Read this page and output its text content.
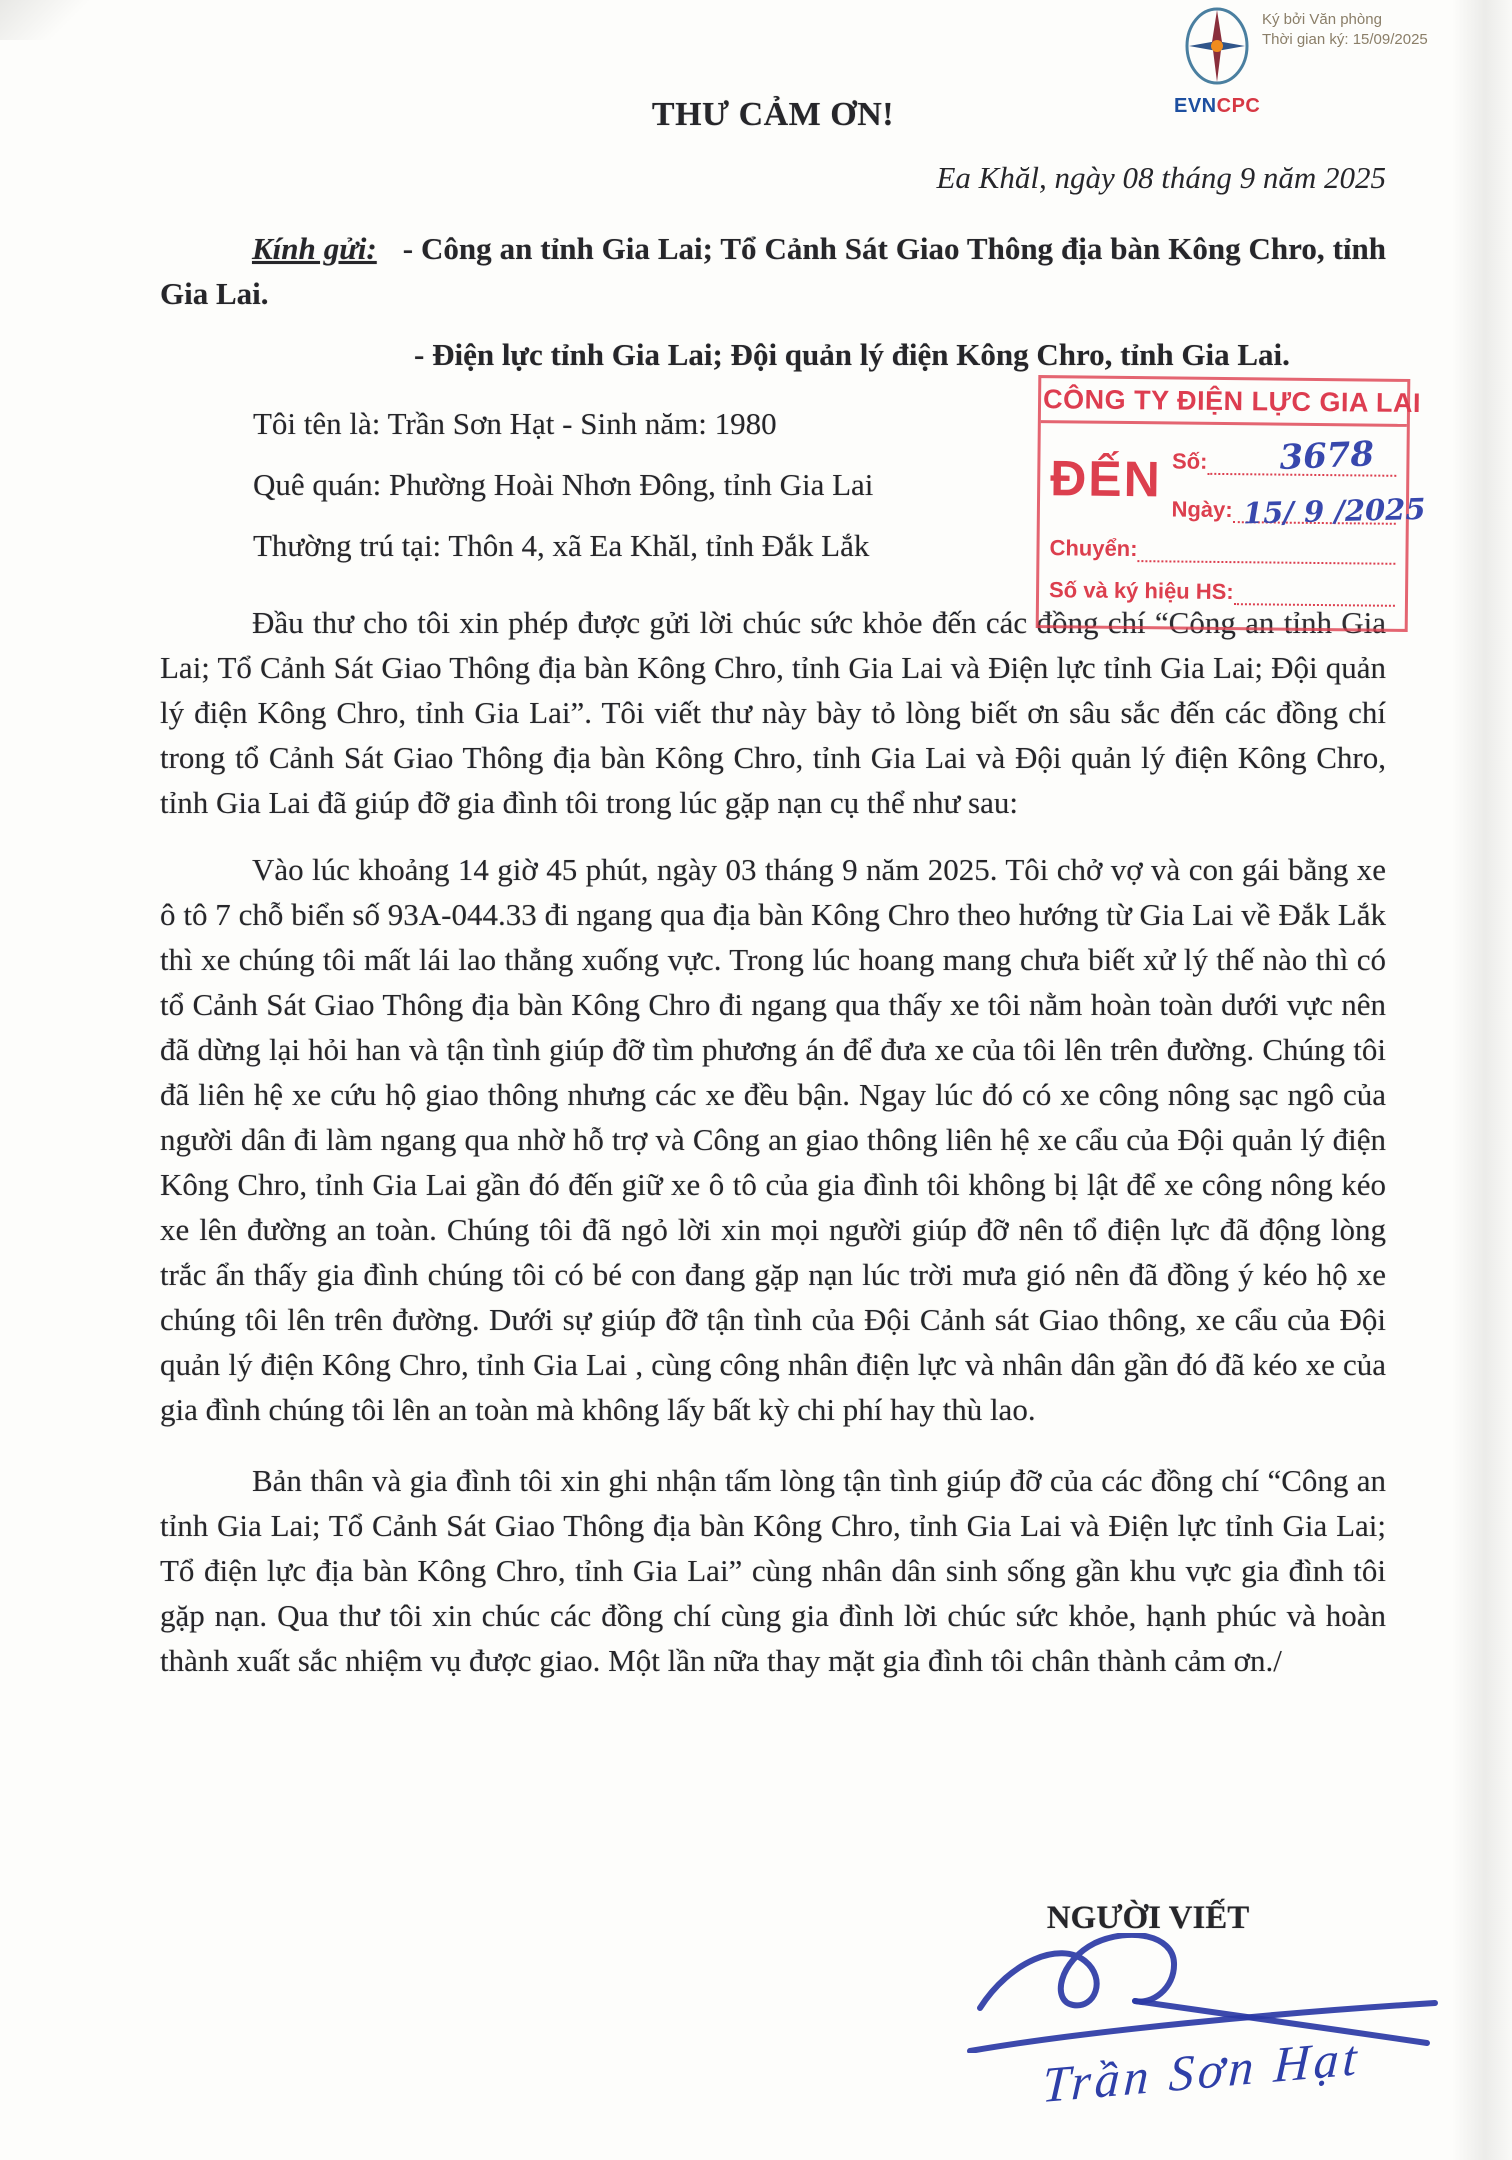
Ký bởi Văn phòng
Thời gian ký: 15/09/2025
EVNCPC
THƯ CẢM ƠN!
Ea Khăl, ngày 08 tháng 9 năm 2025

Kính gửi: - Công an tỉnh Gia Lai; Tổ Cảnh Sát Giao Thông địa bàn Kông Chro, tỉnh Gia Lai.

- Điện lực tỉnh Gia Lai; Đội quản lý điện Kông Chro, tỉnh Gia Lai.

Tôi tên là: Trần Sơn Hạt - Sinh năm: 1980

Quê quán: Phường Hoài Nhơn Đông, tỉnh Gia Lai

Thường trú tại: Thôn 4, xã Ea Khăl, tỉnh Đắk Lắk

Đầu thư cho tôi xin phép được gửi lời chúc sức khỏe đến các đồng chí “Công an tỉnh Gia Lai; Tổ Cảnh Sát Giao Thông địa bàn Kông Chro, tỉnh Gia Lai và Điện lực tỉnh Gia Lai; Đội quản lý điện Kông Chro, tỉnh Gia Lai”. Tôi viết thư này bày tỏ lòng biết ơn sâu sắc đến các đồng chí trong tổ Cảnh Sát Giao Thông địa bàn Kông Chro, tỉnh Gia Lai và Đội quản lý điện Kông Chro, tỉnh Gia Lai đã giúp đỡ gia đình tôi trong lúc gặp nạn cụ thể như sau:

Vào lúc khoảng 14 giờ 45 phút, ngày 03 tháng 9 năm 2025. Tôi chở vợ và con gái bằng xe ô tô 7 chỗ biển số 93A-044.33 đi ngang qua địa bàn Kông Chro theo hướng từ Gia Lai về Đắk Lắk thì xe chúng tôi mất lái lao thẳng xuống vực. Trong lúc hoang mang chưa biết xử lý thế nào thì có tổ Cảnh Sát Giao Thông địa bàn Kông Chro đi ngang qua thấy xe tôi nằm hoàn toàn dưới vực nên đã dừng lại hỏi han và tận tình giúp đỡ tìm phương án để đưa xe của tôi lên trên đường. Chúng tôi đã liên hệ xe cứu hộ giao thông nhưng các xe đều bận. Ngay lúc đó có xe công nông sạc ngô của người dân đi làm ngang qua nhờ hỗ trợ và Công an giao thông liên hệ xe cẩu của Đội quản lý điện Kông Chro, tỉnh Gia Lai gần đó đến giữ xe ô tô của gia đình tôi không bị lật để xe công nông kéo xe lên đường an toàn. Chúng tôi đã ngỏ lời xin mọi người giúp đỡ nên tổ điện lực đã động lòng trắc ẩn thấy gia đình chúng tôi có bé con đang gặp nạn lúc trời mưa gió nên đã đồng ý kéo hộ xe chúng tôi lên trên đường. Dưới sự giúp đỡ tận tình của Đội Cảnh sát Giao thông, xe cẩu của Đội quản lý điện Kông Chro, tỉnh Gia Lai , cùng công nhân điện lực và nhân dân gần đó đã kéo xe của gia đình chúng tôi lên an toàn mà không lấy bất kỳ chi phí hay thù lao.

Bản thân và gia đình tôi xin ghi nhận tấm lòng tận tình giúp đỡ của các đồng chí “Công an tỉnh Gia Lai; Tổ Cảnh Sát Giao Thông địa bàn Kông Chro, tỉnh Gia Lai và Điện lực tỉnh Gia Lai; Tổ điện lực địa bàn Kông Chro, tỉnh Gia Lai” cùng nhân dân sinh sống gần khu vực gia đình tôi gặp nạn. Qua thư tôi xin chúc các đồng chí cùng gia đình lời chúc sức khỏe, hạnh phúc và hoàn thành xuất sắc nhiệm vụ được giao. Một lần nữa thay mặt gia đình tôi chân thành cảm ơn./

CÔNG TY ĐIỆN LỰC GIA LAI
ĐẾN Số: 3678
Ngày: 15/ 9 /2025
Chuyển:
Số và ký hiệu HS:
NGƯỜI VIẾT
Trần Sơn Hạt
